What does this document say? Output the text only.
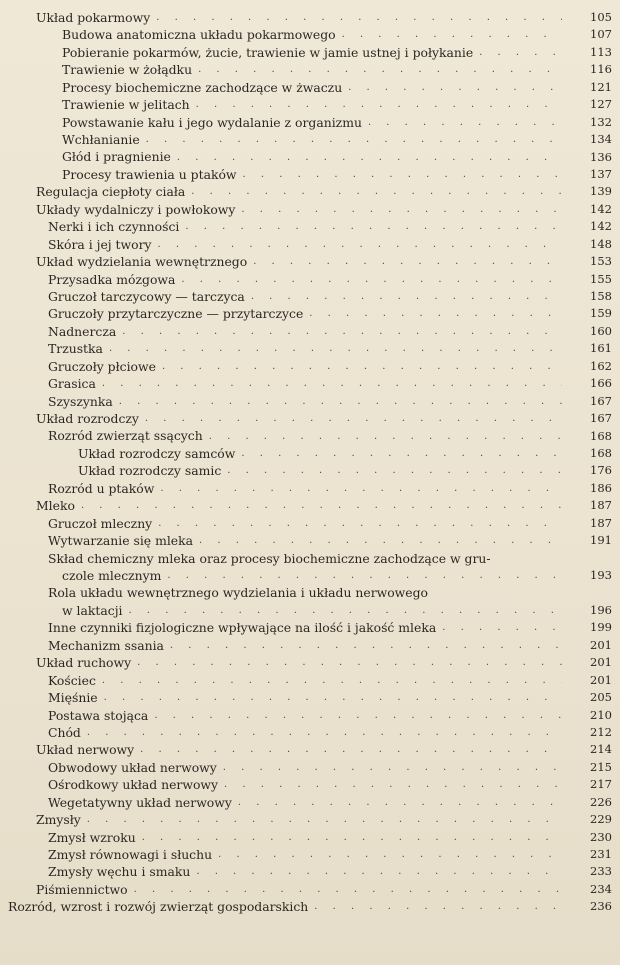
Układ pokarmowy . . .	105
Budowa anatomiczna układu pokarmowego . . .	107
Pobieranie pokarmów, żucie, trawienie w jamie ustnej i połykanie . . .	113
Trawienie w żołądku . . .	116
Procesy biochemiczne zachodzące w żwaczu . . .	121
Trawienie w jelitach . . .	127
Powstawanie kału i jego wydalanie z organizmu . . .	132
Wchłanianie . . .	134
Głód i pragnienie . . .	136
Procesy trawienia u ptaków . . .	137
Regulacja ciepłoty ciała . . .	139
Układy wydalniczy i powłokowy . . .	142
Nerki i ich czynności . . .	142
Skóra i jej twory . . .	148
Układ wydzielania wewnętrznego . . .	153
Przysadka mózgowa . . .	155
Gruczoł tarczycowy — tarczyca . . .	158
Gruczoły przytarczyczne — przytarczyce . . .	159
Nadnercza . . .	160
Trzustka . . .	161
Gruczoły płciowe . . .	162
Grasica . . .	166
Szyszynka . . .	167
Układ rozrodczy . . .	167
Rozród zwierząt ssących . . .	168
Układ rozrodczy samców . . .	168
Układ rozrodczy samic . . .	176
Rozród u ptaków . . .	186
Mleko . . .	187
Gruczoł mleczny . . .	187
Wytwarzanie się mleka . . .	191
Skład chemiczny mleka oraz procesy biochemiczne zachodzące w gru-
czole mlecznym . . .	193
Rola układu wewnętrznego wydzielania i układu nerwowego
w laktacji . . .	196
Inne czynniki fizjologiczne wpływające na ilość i jakość mleka . . .	199
Mechanizm ssania . . .	201
Układ ruchowy . . .	201
Kościec . . .	201
Mięśnie . . .	205
Postawa stojąca . . .	210
Chód . . .	212
Układ nerwowy . . .	214
Obwodowy układ nerwowy . . .	215
Ośrodkowy układ nerwowy . . .	217
Wegetatywny układ nerwowy . . .	226
Zmysły . . .	229
Zmysł wzroku . . .	230
Zmysł równowagi i słuchu . . .	231
Zmysły węchu i smaku . . .	233
Piśmiennictwo . . .	234
Rozród, wzrost i rozwój zwierząt gospodarskich . . .	236
